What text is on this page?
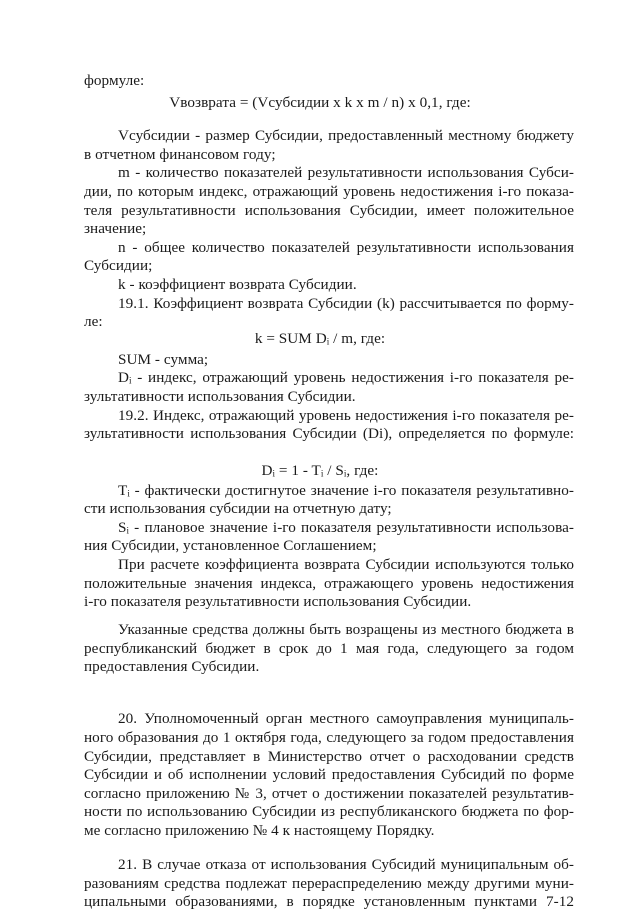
формуле:
Vвозврата = (Vсубсидии x k x m / n) x 0,1, где:
Vсубсидии - размер Субсидии, предоставленный местному бюджету
в отчетном финансовом году;
m - количество показателей результативности использования Субси-
дии, по которым индекс, отражающий уровень недостижения i-го показа-
теля результативности использования Субсидии, имеет положительное
значение;
n - общее количество показателей результативности использования
Субсидии;
k - коэффициент возврата Субсидии.
19.1. Коэффициент возврата Субсидии (k) рассчитывается по форму-
ле:
k = SUM Dᵢ / m, где:
SUM - сумма;
Dᵢ - индекс, отражающий уровень недостижения i-го показателя ре-
зультативности использования Субсидии.
19.2. Индекс, отражающий уровень недостижения i-го показателя ре-
зультативности использования Субсидии (Di), определяется по формуле:
Dᵢ = 1 - Tᵢ / Sᵢ, где:
Tᵢ - фактически достигнутое значение i-го показателя результативно-
сти использования субсидии на отчетную дату;
Sᵢ - плановое значение i-го показателя результативности использова-
ния Субсидии, установленное Соглашением;
При расчете коэффициента возврата Субсидии используются только
положительные значения индекса, отражающего уровень недостижения
i-го показателя результативности использования Субсидии.
Указанные средства должны быть возращены из местного бюджета в
республиканский бюджет в срок до 1 мая года, следующего за годом
предоставления Субсидии.
20. Уполномоченный орган местного самоуправления муниципаль-
ного образования до 1 октября года, следующего за годом предоставления
Субсидии, представляет в Министерство отчет о расходовании средств
Субсидии и об исполнении условий предоставления Субсидий по форме
согласно приложению № 3, отчет о достижении показателей результатив-
ности по использованию Субсидии из республиканского бюджета по фор-
ме согласно приложению № 4 к настоящему Порядку.
21. В случае отказа от использования Субсидий муниципальным об-
разованиям средства подлежат перераспределению между другими муни-
ципальными образованиями, в порядке установленным пунктами 7-12
